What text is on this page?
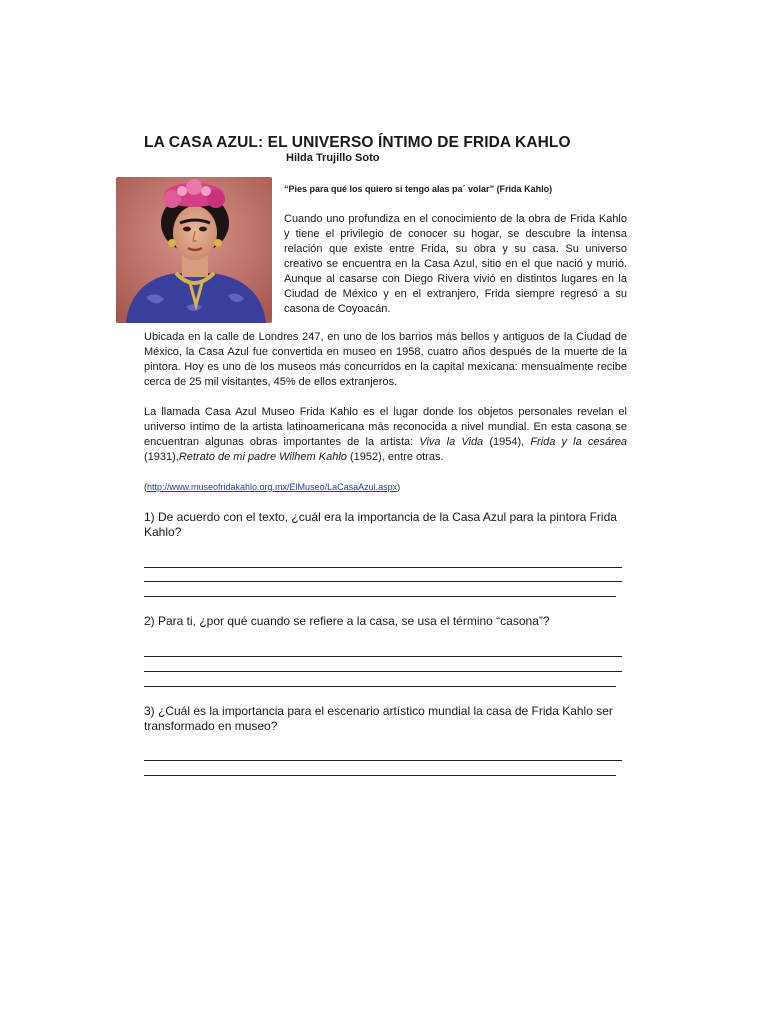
LA CASA AZUL: EL UNIVERSO ÍNTIMO DE FRIDA KAHLO
Hilda Trujillo Soto
“Pies para qué los quiero si tengo alas pa´ volar” (Frida Kahlo)
Cuando uno profundiza en el conocimiento de la obra de Frida Kahlo y tiene el privilegio de conocer su hogar, se descubre la intensa relación que existe entre Frida, su obra y su casa. Su universo creativo se encuentra en la Casa Azul, sitio en el que nació y murió. Aunque al casarse con Diego Rivera vivió en distintos lugares en la Ciudad de México y en el extranjero, Frida siempre regresó a su casona de Coyoacán.
Ubicada en la calle de Londres 247, en uno de los barrios más bellos y antiguos de la Ciudad de México, la Casa Azul fue convertida en museo en 1958, cuatro años después de la muerte de la pintora. Hoy es uno de los museos más concurridos en la capital mexicana: mensualmente recibe cerca de 25 mil visitantes, 45% de ellos extranjeros.
La llamada Casa Azul Museo Frida Kahlo es el lugar donde los objetos personales revelan el universo íntimo de la artista latinoamericana más reconocida a nivel mundial. En esta casona se encuentran algunas obras importantes de la artista: Viva la Vida (1954), Frida y la cesárea (1931),Retrato de mi padre Wilhem Kahlo (1952), entre otras.
(http://www.museofridakahlo.org.mx/ElMuseo/LaCasaAzul.aspx)
1) De acuerdo con el texto, ¿cuál era la importancia de la Casa Azul para la pintora Frida Kahlo?
2) Para ti, ¿por qué cuando se refiere a la casa, se usa el término “casona”?
3) ¿Cuál es la importancia para el escenario artístico mundial la casa de Frida Kahlo ser transformado en museo?
